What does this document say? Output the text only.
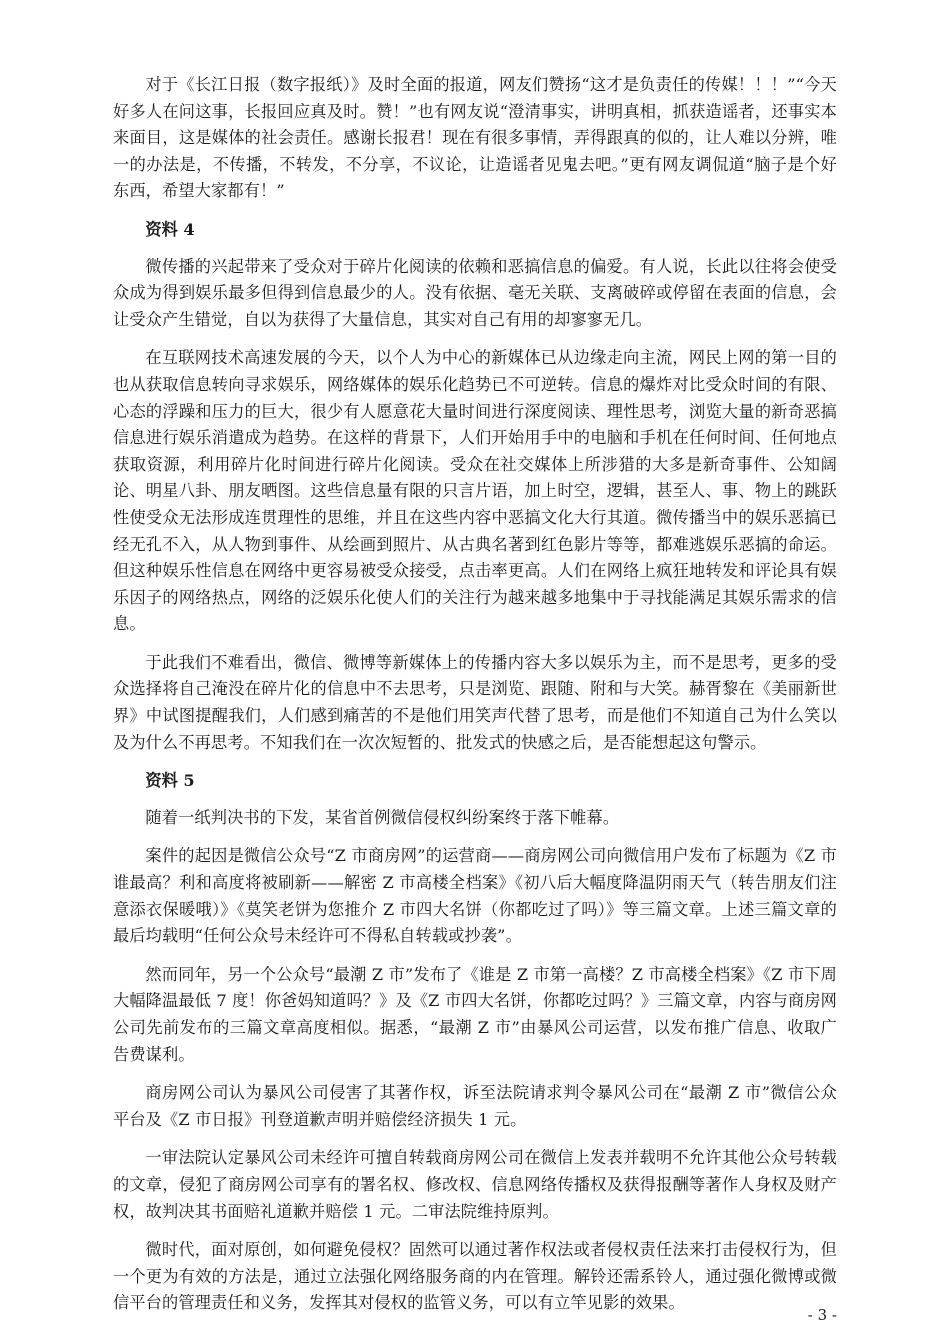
对于《长江日报（数字报纸）》及时全面的报道，网友们赞扬“这才是负责任的传媒！！！”“今天好多人在问这事，长报回应真及时。赞！”也有网友说“澄清事实，讲明真相，抓获造谣者，还事实本来面目，这是媒体的社会责任。感谢长报君！现在有很多事情，弄得跟真的似的，让人难以分辨，唯一的办法是，不传播，不转发，不分享，不议论，让造谣者见鬼去吧。”更有网友调侃道“脑子是个好东西，希望大家都有！”

资料 4

微传播的兴起带来了受众对于碎片化阅读的依赖和恶搞信息的偏爱。有人说，长此以往将会使受众成为得到娱乐最多但得到信息最少的人。没有依据、毫无关联、支离破碎或停留在表面的信息，会让受众产生错觉，自以为获得了大量信息，其实对自己有用的却寥寥无几。

在互联网技术高速发展的今天，以个人为中心的新媒体已从边缘走向主流，网民上网的第一目的也从获取信息转向寻求娱乐，网络媒体的娱乐化趋势已不可逆转。信息的爆炸对比受众时间的有限、心态的浮躁和压力的巨大，很少有人愿意花大量时间进行深度阅读、理性思考，浏览大量的新奇恶搞信息进行娱乐消遣成为趋势。在这样的背景下，人们开始用手中的电脑和手机在任何时间、任何地点获取资源，利用碎片化时间进行碎片化阅读。受众在社交媒体上所涉猎的大多是新奇事件、公知阔论、明星八卦、朋友晒图。这些信息量有限的只言片语，加上时空，逻辑，甚至人、事、物上的跳跃性使受众无法形成连贯理性的思维，并且在这些内容中恶搞文化大行其道。微传播当中的娱乐恶搞已经无孔不入，从人物到事件、从绘画到照片、从古典名著到红色影片等等，都难逃娱乐恶搞的命运。但这种娱乐性信息在网络中更容易被受众接受，点击率更高。人们在网络上疯狂地转发和评论具有娱乐因子的网络热点，网络的泛娱乐化使人们的关注行为越来越多地集中于寻找能满足其娱乐需求的信息。

于此我们不难看出，微信、微博等新媒体上的传播内容大多以娱乐为主，而不是思考，更多的受众选择将自己淹没在碎片化的信息中不去思考，只是浏览、跟随、附和与大笑。赫胥黎在《美丽新世界》中试图提醒我们，人们感到痛苦的不是他们用笑声代替了思考，而是他们不知道自己为什么笑以及为什么不再思考。不知我们在一次次短暂的、批发式的快感之后，是否能想起这句警示。

资料 5

随着一纸判决书的下发，某省首例微信侵权纠纷案终于落下帷幕。

案件的起因是微信公众号“Z 市商房网”的运营商——商房网公司向微信用户发布了标题为《Z 市谁最高？利和高度将被刷新——解密 Z 市高楼全档案》《初八后大幅度降温阴雨天气（转告朋友们注意添衣保暖哦）》《莫笑老饼为您推介 Z 市四大名饼（你都吃过了吗）》等三篇文章。上述三篇文章的最后均载明“任何公众号未经许可不得私自转载或抄袭”。

然而同年，另一个公众号“最潮 Z 市”发布了《谁是 Z 市第一高楼？Z 市高楼全档案》《Z 市下周大幅降温最低 7 度！你爸妈知道吗？》及《Z 市四大名饼，你都吃过吗？》三篇文章，内容与商房网公司先前发布的三篇文章高度相似。据悉，“最潮 Z 市”由暴风公司运营，以发布推广信息、收取广告费谋利。

商房网公司认为暴风公司侵害了其著作权，诉至法院请求判令暴风公司在“最潮 Z 市”微信公众平台及《Z 市日报》刊登道歉声明并赔偿经济损失 1 元。

一审法院认定暴风公司未经许可擅自转载商房网公司在微信上发表并载明不允许其他公众号转载的文章，侵犯了商房网公司享有的署名权、修改权、信息网络传播权及获得报酬等著作人身权及财产权，故判决其书面赔礼道歉并赔偿 1 元。二审法院维持原判。

微时代，面对原创，如何避免侵权？固然可以通过著作权法或者侵权责任法来打击侵权行为，但一个更为有效的方法是，通过立法强化网络服务商的内在管理。解铃还需系铃人，通过强化微博或微信平台的管理责任和义务，发挥其对侵权的监管义务，可以有立竿见影的效果。

- 3 -
